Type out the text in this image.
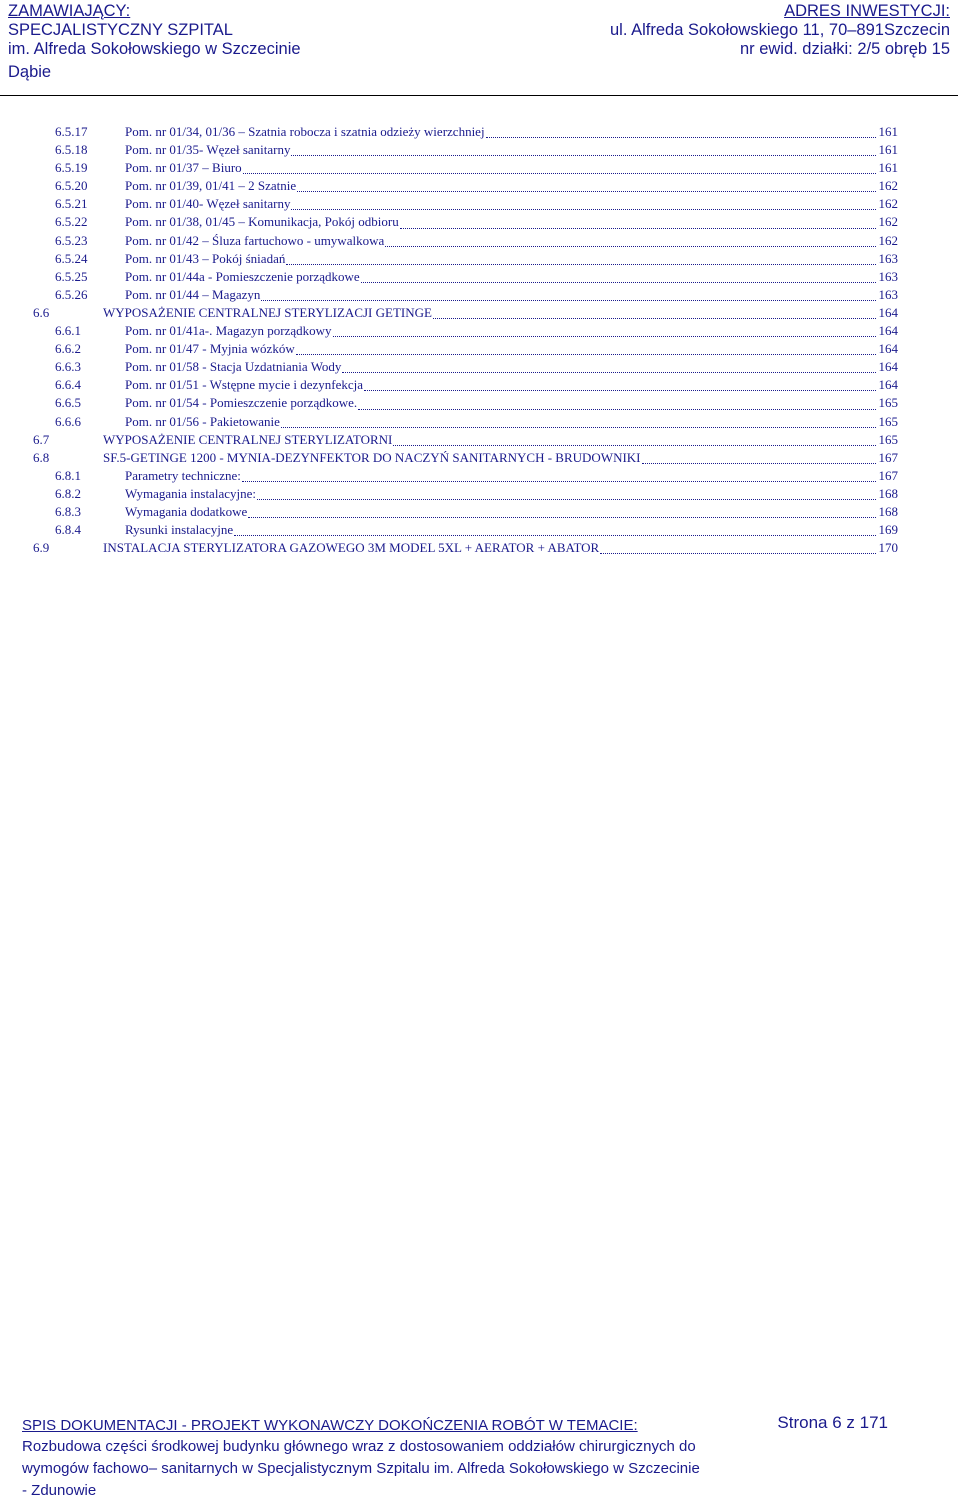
ZAMAWIAJĄCY:
SPECJALISTYCZNY SZPITAL
im. Alfreda Sokołowskiego w Szczecinie
Dąbie
ADRES INWESTYCJI:
ul. Alfreda Sokołowskiego 11, 70–891Szczecin
nr ewid. działki: 2/5 obręb 15
6.5.17	Pom. nr 01/34, 01/36 – Szatnia robocza i szatnia odzieży wierzchniej	161
6.5.18	Pom. nr 01/35- Węzeł sanitarny	161
6.5.19	Pom. nr 01/37 – Biuro	161
6.5.20	Pom. nr 01/39, 01/41 – 2 Szatnie	162
6.5.21	Pom. nr 01/40- Węzeł sanitarny	162
6.5.22	Pom. nr 01/38, 01/45 – Komunikacja, Pokój odbioru	162
6.5.23	Pom. nr 01/42 – Śluza fartuchowo - umywalkowa	162
6.5.24	Pom. nr 01/43 – Pokój śniadań	163
6.5.25	Pom. nr 01/44a - Pomieszczenie porządkowe	163
6.5.26	Pom. nr 01/44 – Magazyn	163
6.6	WYPOSAŻENIE CENTRALNEJ STERYLIZACJI GETINGE	164
6.6.1	Pom. nr 01/41a-. Magazyn porządkowy	164
6.6.2	Pom. nr 01/47 - Myjnia wózków	164
6.6.3	Pom. nr 01/58 - Stacja Uzdatniania Wody	164
6.6.4	Pom. nr 01/51 - Wstępne mycie i dezynfekcja	164
6.6.5	Pom. nr 01/54 - Pomieszczenie porządkowe.	165
6.6.6	Pom. nr 01/56 - Pakietowanie	165
6.7	WYPOSAŻENIE CENTRALNEJ STERYLIZATORNI	165
6.8	SF.5-GETINGE 1200 - MYNIA-DEZYNFEKTOR DO NACZYŃ SANITARNYCH - BRUDOWNIKI	167
6.8.1	Parametry techniczne:	167
6.8.2	Wymagania instalacyjne:	168
6.8.3	Wymagania dodatkowe	168
6.8.4	Rysunki instalacyjne	169
6.9	INSTALACJA STERYLIZATORA GAZOWEGO 3M MODEL 5XL + AERATOR + ABATOR	170
SPIS DOKUMENTACJI - PROJEKT WYKONAWCZY DOKOŃCZENIA ROBÓT W TEMACIE:
Rozbudowa części środkowej budynku głównego wraz z dostosowaniem oddziałów chirurgicznych do
wymogów fachowo– sanitarnych w Specjalistycznym Szpitalu im. Alfreda Sokołowskiego w Szczecinie
- Zdunowie
Strona 6 z 171
